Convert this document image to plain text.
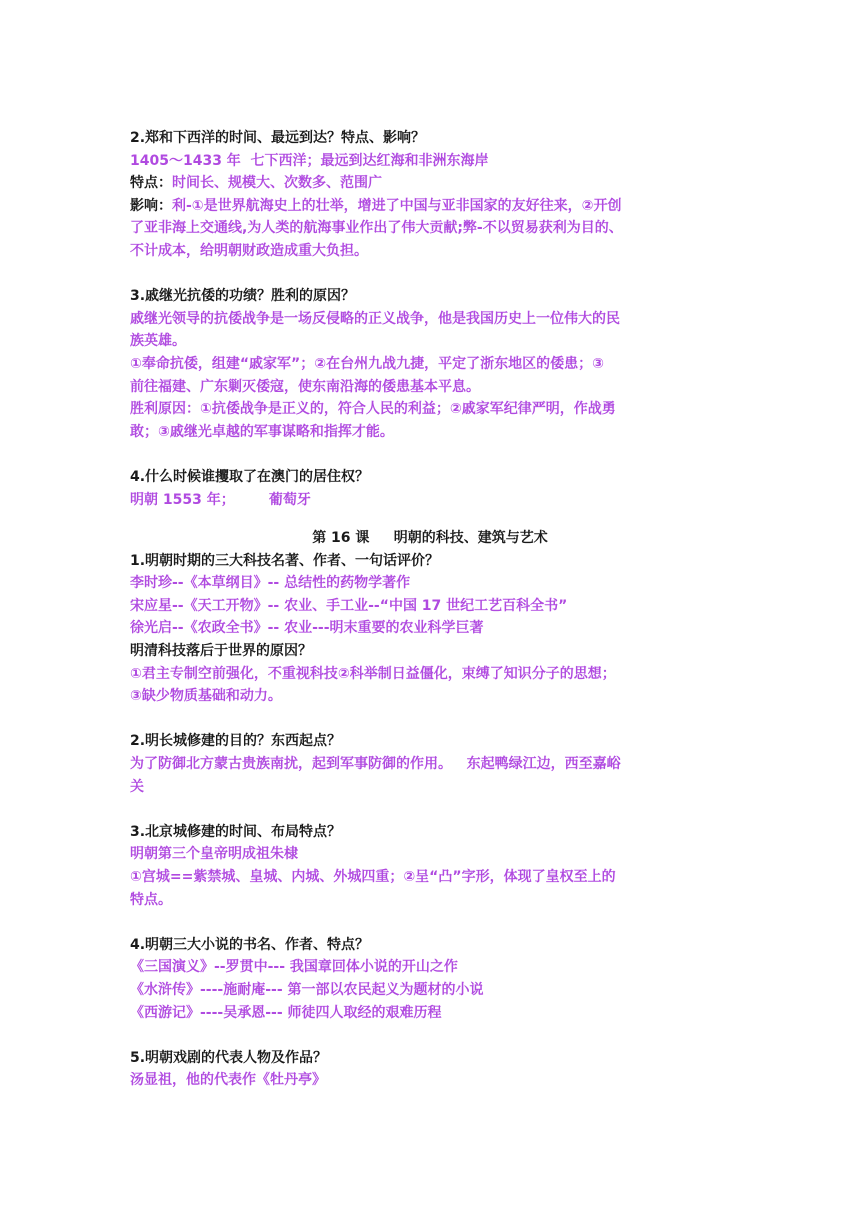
2.郑和下西洋的时间、最远到达？特点、影响？

1405～1433 年  七下西洋；最远到达红海和非洲东海岸

特点：时间长、规模大、次数多、范围广

影响：利-①是世界航海史上的壮举，增进了中国与亚非国家的友好往来，②开创

了亚非海上交通线,为人类的航海事业作出了伟大贡献;弊-不以贸易获利为目的、

不计成本，给明朝财政造成重大负担。

3.戚继光抗倭的功绩？胜利的原因？

戚继光领导的抗倭战争是一场反侵略的正义战争，他是我国历史上一位伟大的民

族英雄。

①奉命抗倭，组建“戚家军”；②在台州九战九捷，平定了浙东地区的倭患；③

前往福建、广东剿灭倭寇，使东南沿海的倭患基本平息。

胜利原因：①抗倭战争是正义的，符合人民的利益；②戚家军纪律严明，作战勇

敢；③戚继光卓越的军事谋略和指挥才能。

4.什么时候谁攫取了在澳门的居住权？

明朝 1553 年；       葡萄牙

第 16 课     明朝的科技、建筑与艺术

1.明朝时期的三大科技名著、作者、一句话评价？

李时珍--《本草纲目》-- 总结性的药物学著作

宋应星--《天工开物》-- 农业、手工业--“中国 17 世纪工艺百科全书”

徐光启--《农政全书》-- 农业---明末重要的农业科学巨著

明清科技落后于世界的原因？

①君主专制空前强化，不重视科技②科举制日益僵化，束缚了知识分子的思想；

③缺少物质基础和动力。

2.明长城修建的目的？东西起点？

为了防御北方蒙古贵族南扰，起到军事防御的作用。   东起鸭绿江边，西至嘉峪

关

3.北京城修建的时间、布局特点？

明朝第三个皇帝明成祖朱棣

①宫城==紫禁城、皇城、内城、外城四重；②呈“凸”字形，体现了皇权至上的

特点。

4.明朝三大小说的书名、作者、特点？

《三国演义》--罗贯中--- 我国章回体小说的开山之作

《水浒传》----施耐庵--- 第一部以农民起义为题材的小说

《西游记》----吴承恩--- 师徒四人取经的艰难历程

5.明朝戏剧的代表人物及作品？

汤显祖，他的代表作《牡丹亭》
